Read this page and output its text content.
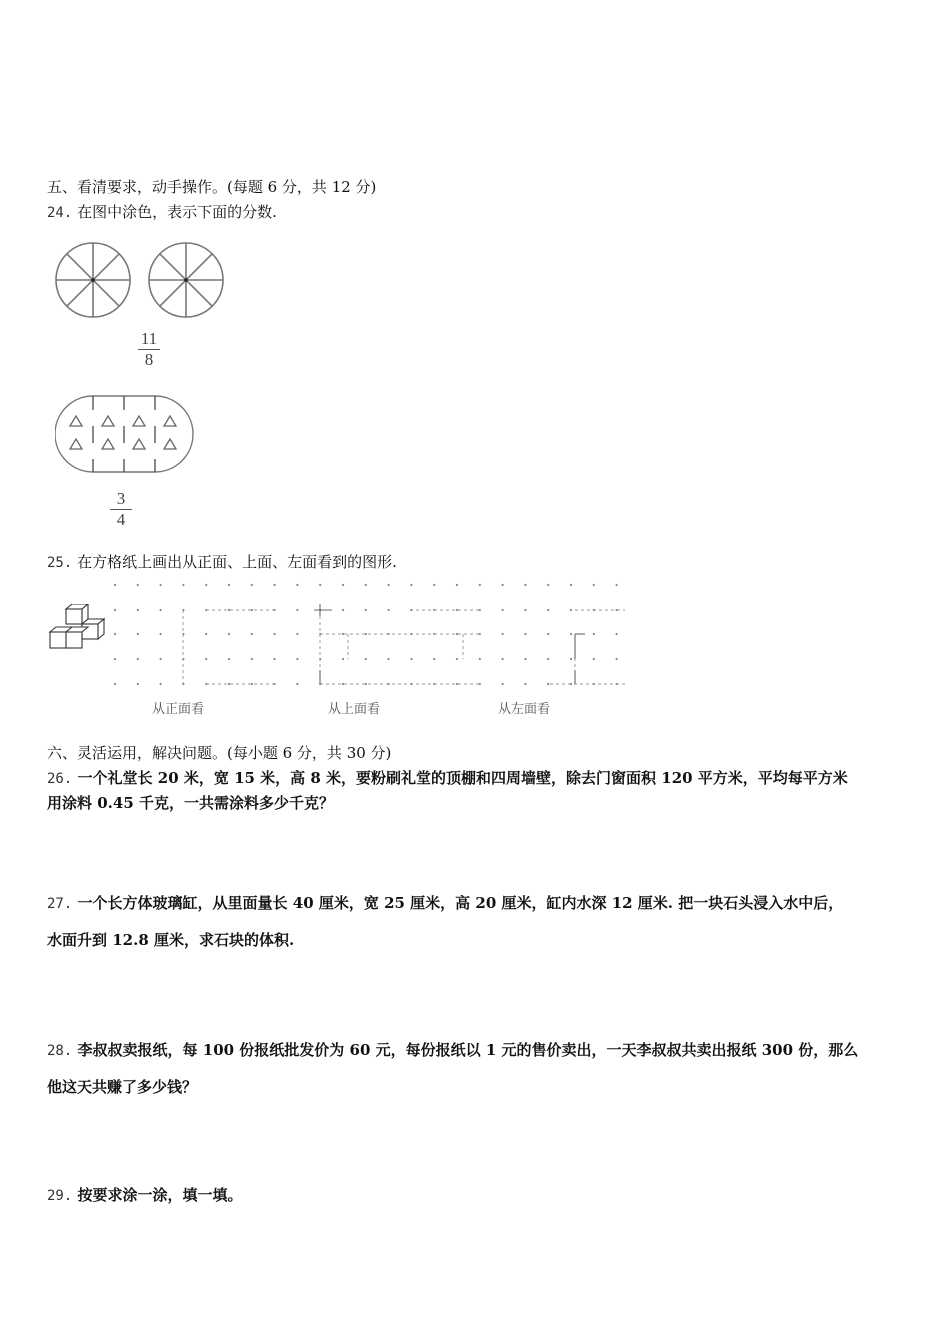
五、看清要求，动手操作。(每题 6 分，共 12 分)
24. 在图中涂色，表示下面的分数.
11
8
3
4
25. 在方格纸上画出从正面、上面、左面看到的图形.
从正面看	从上面看	从左面看
六、灵活运用，解决问题。(每小题 6 分，共 30 分)
26. 一个礼堂长 20 米，宽 15 米，高 8 米，要粉刷礼堂的顶棚和四周墙壁，除去门窗面积 120 平方米，平均每平方米
用涂料 0.45 千克，一共需涂料多少千克？
27. 一个长方体玻璃缸，从里面量长 40 厘米，宽 25 厘米，高 20 厘米，缸内水深 12 厘米. 把一块石头浸入水中后，
水面升到 12.8 厘米，求石块的体积.
28. 李叔叔卖报纸，每 100 份报纸批发价为 60 元，每份报纸以 1 元的售价卖出，一天李叔叔共卖出报纸 300 份，那么
他这天共赚了多少钱？
29. 按要求涂一涂，填一填。
